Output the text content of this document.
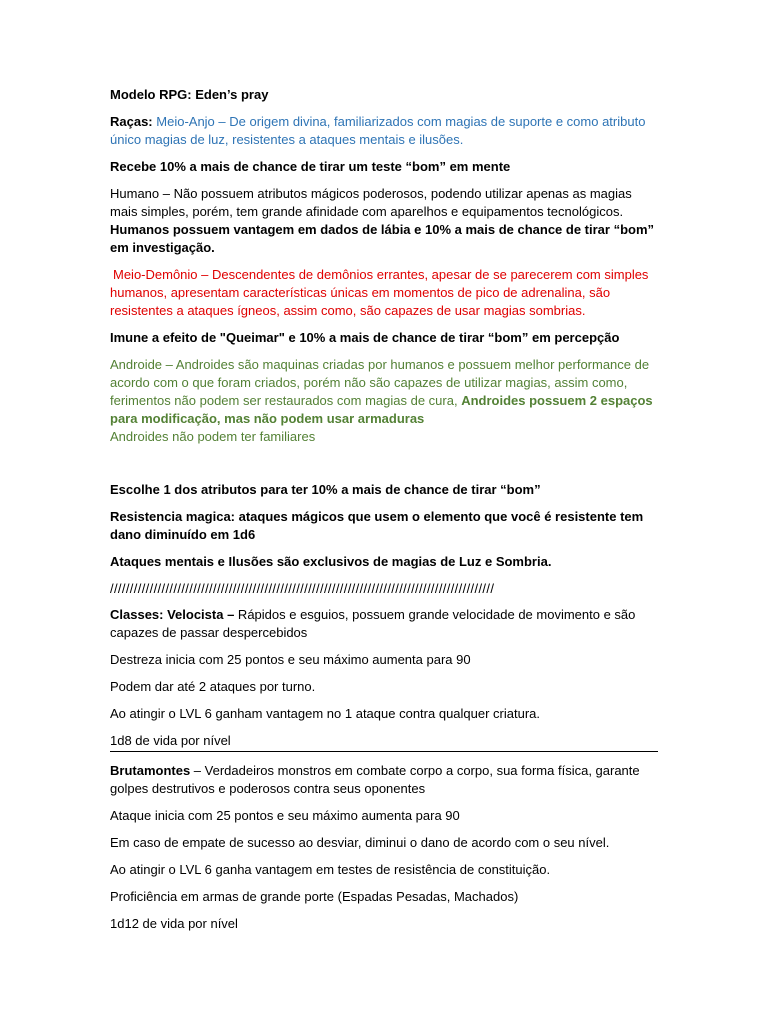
Modelo RPG: Eden’s pray

Raças: Meio-Anjo – De origem divina, familiarizados com magias de suporte e como atributo único magias de luz, resistentes a ataques mentais e ilusões.

Recebe 10% a mais de chance de tirar um teste “bom” em mente

Humano – Não possuem atributos mágicos poderosos, podendo utilizar apenas as magias mais simples, porém, tem grande afinidade com aparelhos e equipamentos tecnológicos. Humanos possuem vantagem em dados de lábia e 10% a mais de chance de tirar “bom” em investigação.

Meio-Demônio – Descendentes de demônios errantes, apesar de se parecerem com simples humanos, apresentam características únicas em momentos de pico de adrenalina, são resistentes a ataques ígneos, assim como, são capazes de usar magias sombrias.

Imune a efeito de "Queimar" e 10% a mais de chance de tirar “bom” em percepção

Androide – Androides são maquinas criadas por humanos e possuem melhor performance de acordo com o que foram criados, porém não são capazes de utilizar magias, assim como, ferimentos não podem ser restaurados com magias de cura, Androides possuem 2 espaços para modificação, mas não podem usar armaduras

Androides não podem ter familiares

Escolhe 1 dos atributos para ter 10% a mais de chance de tirar “bom”

Resistencia magica: ataques mágicos que usem o elemento que você é resistente tem dano diminuído em 1d6

Ataques mentais e Ilusões são exclusivos de magias de Luz e Sombria.

/////////////////////////////////////////////////////////////////////////////////////////////////

Classes: Velocista – Rápidos e esguios, possuem grande velocidade de movimento e são capazes de passar despercebidos

Destreza inicia com 25 pontos e seu máximo aumenta para 90

Podem dar até 2 ataques por turno.

Ao atingir o LVL 6 ganham vantagem no 1 ataque contra qualquer criatura.

1d8 de vida por nível

Brutamontes – Verdadeiros monstros em combate corpo a corpo, sua forma física, garante golpes destrutivos e poderosos contra seus oponentes

Ataque inicia com 25 pontos e seu máximo aumenta para 90

Em caso de empate de sucesso ao desviar, diminui o dano de acordo com o seu nível.

Ao atingir o LVL 6 ganha vantagem em testes de resistência de constituição.

Proficiência em armas de grande porte (Espadas Pesadas, Machados)

1d12 de vida por nível
